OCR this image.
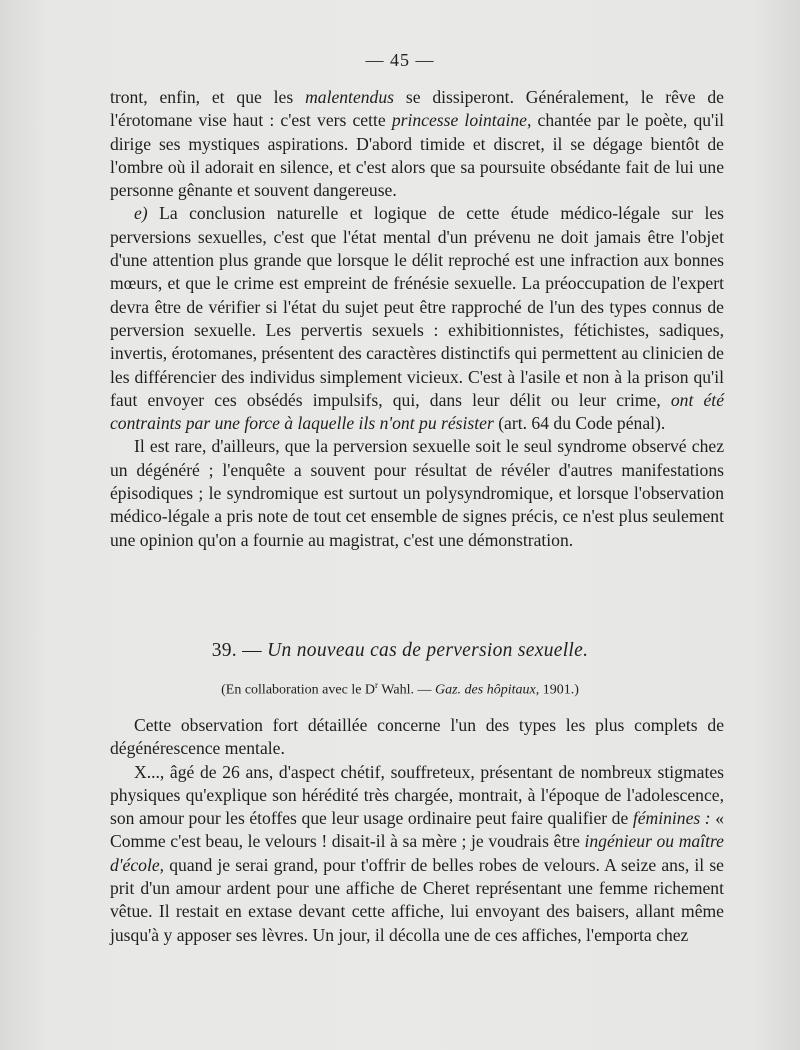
— 45 —

tront, enfin, et que les malentendus se dissiperont. Généralement, le rêve de l'érotomane vise haut : c'est vers cette princesse lointaine, chantée par le poète, qu'il dirige ses mystiques aspirations. D'abord timide et discret, il se dégage bientôt de l'ombre où il adorait en silence, et c'est alors que sa poursuite obsédante fait de lui une personne gênante et souvent dangereuse.

e) La conclusion naturelle et logique de cette étude médico-légale sur les perversions sexuelles, c'est que l'état mental d'un prévenu ne doit jamais être l'objet d'une attention plus grande que lorsque le délit reproché est une infraction aux bonnes mœurs, et que le crime est empreint de frénésie sexuelle. La préoccupation de l'expert devra être de vérifier si l'état du sujet peut être rapproché de l'un des types connus de perversion sexuelle. Les pervertis sexuels : exhibitionnistes, fétichistes, sadiques, invertis, érotomanes, présentent des caractères distinctifs qui permettent au clinicien de les différencier des individus simplement vicieux. C'est à l'asile et non à la prison qu'il faut envoyer ces obsédés impulsifs, qui, dans leur délit ou leur crime, ont été contraints par une force à laquelle ils n'ont pu résister (art. 64 du Code pénal).

Il est rare, d'ailleurs, que la perversion sexuelle soit le seul syndrome observé chez un dégénéré ; l'enquête a souvent pour résultat de révéler d'autres manifestations épisodiques ; le syndromique est surtout un polysyndromique, et lorsque l'observation médico-légale a pris note de tout cet ensemble de signes précis, ce n'est plus seulement une opinion qu'on a fournie au magistrat, c'est une démonstration.

39. — Un nouveau cas de perversion sexuelle.
(En collaboration avec le $D^r$ Wahl. — Gaz. des hôpitaux, 1901.)

Cette observation fort détaillée concerne l'un des types les plus complets de dégénérescence mentale.

X..., âgé de 26 ans, d'aspect chétif, souffreteux, présentant de nombreux stigmates physiques qu'explique son hérédité très chargée, montrait, à l'époque de l'adolescence, son amour pour les étoffes que leur usage ordinaire peut faire qualifier de féminines : « Comme c'est beau, le velours ! disait-il à sa mère ; je voudrais être ingénieur ou maître d'école, quand je serai grand, pour t'offrir de belles robes de velours. A seize ans, il se prit d'un amour ardent pour une affiche de Cheret représentant une femme richement vêtue. Il restait en extase devant cette affiche, lui envoyant des baisers, allant même jusqu'à y apposer ses lèvres. Un jour, il décolla une de ces affiches, l'emporta chez
